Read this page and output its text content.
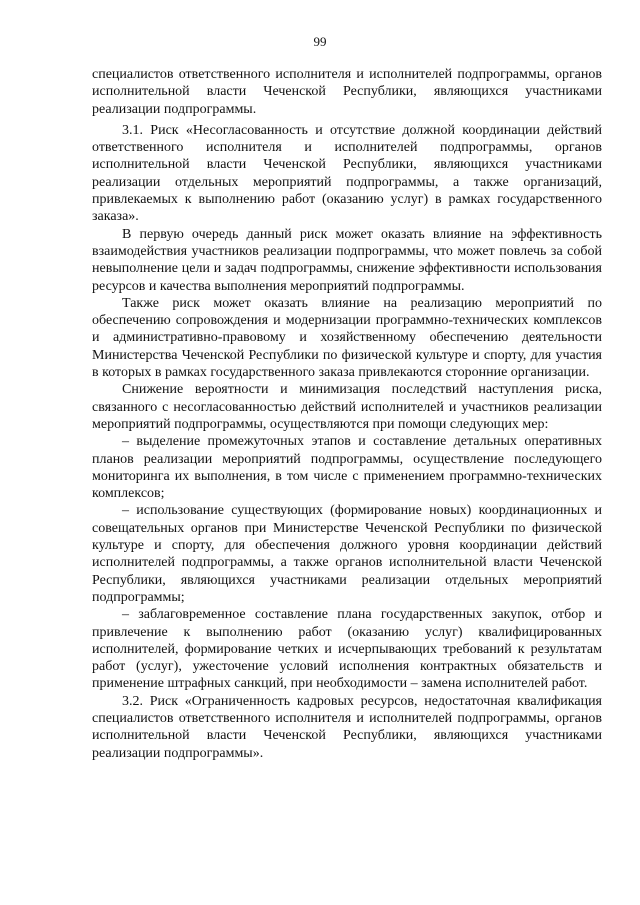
99

специалистов ответственного исполнителя и исполнителей подпрограммы, органов исполнительной власти Чеченской Республики, являющихся участниками реализации подпрограммы.

3.1. Риск «Несогласованность и отсутствие должной координации действий ответственного исполнителя и исполнителей подпрограммы, органов исполнительной власти Чеченской Республики, являющихся участниками реализации отдельных мероприятий подпрограммы, а также организаций, привлекаемых к выполнению работ (оказанию услуг) в рамках государственного заказа».

В первую очередь данный риск может оказать влияние на эффективность взаимодействия участников реализации подпрограммы, что может повлечь за собой невыполнение цели и задач подпрограммы, снижение эффективности использования ресурсов и качества выполнения мероприятий подпрограммы.

Также риск может оказать влияние на реализацию мероприятий по обеспечению сопровождения и модернизации программно-технических комплексов и административно-правовому и хозяйственному обеспечению деятельности Министерства Чеченской Республики по физической культуре и спорту, для участия в которых в рамках государственного заказа привлекаются сторонние организации.

Снижение вероятности и минимизация последствий наступления риска, связанного с несогласованностью действий исполнителей и участников реализации мероприятий подпрограммы, осуществляются при помощи следующих мер:

– выделение промежуточных этапов и составление детальных оперативных планов реализации мероприятий подпрограммы, осуществление последующего мониторинга их выполнения, в том числе с применением программно-технических комплексов;

– использование существующих (формирование новых) координационных и совещательных органов при Министерстве Чеченской Республики по физической культуре и спорту, для обеспечения должного уровня координации действий исполнителей подпрограммы, а также органов исполнительной власти Чеченской Республики, являющихся участниками реализации отдельных мероприятий подпрограммы;

– заблаговременное составление плана государственных закупок, отбор и привлечение к выполнению работ (оказанию услуг) квалифицированных исполнителей, формирование четких и исчерпывающих требований к результатам работ (услуг), ужесточение условий исполнения контрактных обязательств и применение штрафных санкций, при необходимости – замена исполнителей работ.

3.2. Риск «Ограниченность кадровых ресурсов, недостаточная квалификация специалистов ответственного исполнителя и исполнителей подпрограммы, органов исполнительной власти Чеченской Республики, являющихся участниками реализации подпрограммы».
